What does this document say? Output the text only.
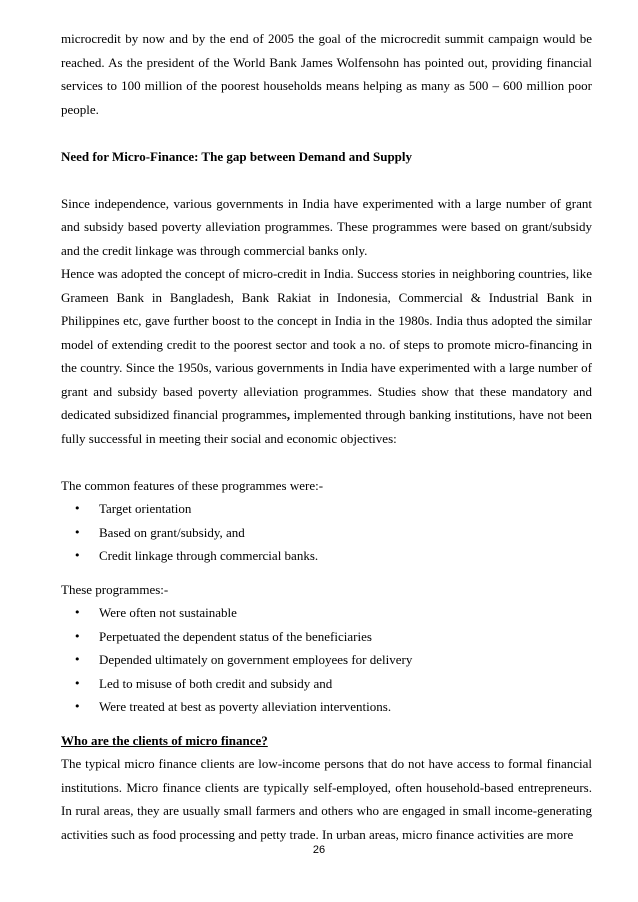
microcredit by now and by the end of 2005 the goal of the microcredit summit campaign would be reached. As the president of the World Bank James Wolfensohn has pointed out, providing financial services to 100 million of the poorest households means helping as many as 500 – 600 million poor people.

Need for Micro-Finance: The gap between Demand and Supply

Since independence, various governments in India have experimented with a large number of grant and subsidy based poverty alleviation programmes. These programmes were based on grant/subsidy and the credit linkage was through commercial banks only.

Hence was adopted the concept of micro-credit in India. Success stories in neighboring countries, like Grameen Bank in Bangladesh, Bank Rakiat in Indonesia, Commercial & Industrial Bank in Philippines etc, gave further boost to the concept in India in the 1980s. India thus adopted the similar model of extending credit to the poorest sector and took a no. of steps to promote micro-financing in the country. Since the 1950s, various governments in India have experimented with a large number of grant and subsidy based poverty alleviation programmes. Studies show that these mandatory and dedicated subsidized financial programmes, implemented through banking institutions, have not been fully successful in meeting their social and economic objectives:

The common features of these programmes were:-

• Target orientation
• Based on grant/subsidy, and
• Credit linkage through commercial banks.

These programmes:-

• Were often not sustainable
• Perpetuated the dependent status of the beneficiaries
• Depended ultimately on government employees for delivery
• Led to misuse of both credit and subsidy and
• Were treated at best as poverty alleviation interventions.

Who are the clients of micro finance?

The typical micro finance clients are low-income persons that do not have access to formal financial institutions. Micro finance clients are typically self-employed, often household-based entrepreneurs. In rural areas, they are usually small farmers and others who are engaged in small income-generating activities such as food processing and petty trade. In urban areas, micro finance activities are more

26
